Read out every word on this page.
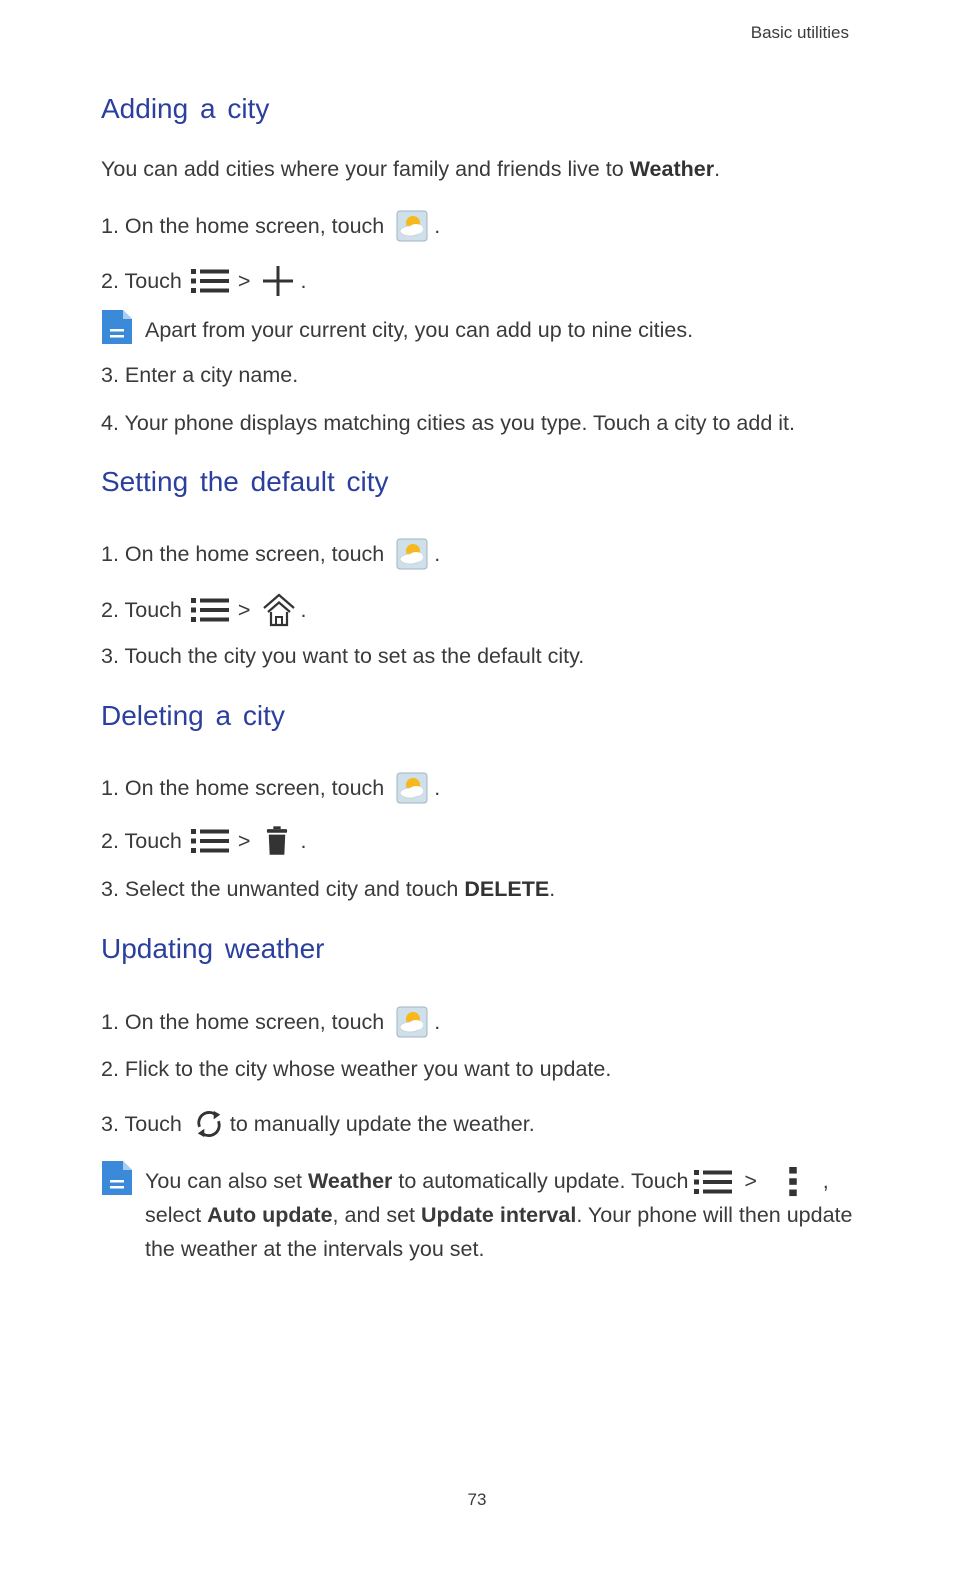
Basic utilities
Adding a city
You can add cities where your family and friends live to
Weather .
1. On the home screen, touch .
2. Touch	> .
Apart from your current city, you can add up to nine cities.
3. Enter a city name.
4. Your phone displays matching cities as you type. Touch a city to add it.
Setting the default city
1. On the home screen, touch .
2. Touch	> .
3. Touch the city you want to set as the default city.
Deleting a city
1. On the home screen, touch .
2. Touch	> .
3. Select the unwanted city and touch
DELETE .
Updating weather
1. On the home screen, touch .
2. Flick to the city whose weather you want to update.
3. Touch to manually update the weather.
You can also set Weather to automatically update. Touch
>	, select Auto update, and set Update interval. Your phone will then update the weather at the intervals you set.
73
